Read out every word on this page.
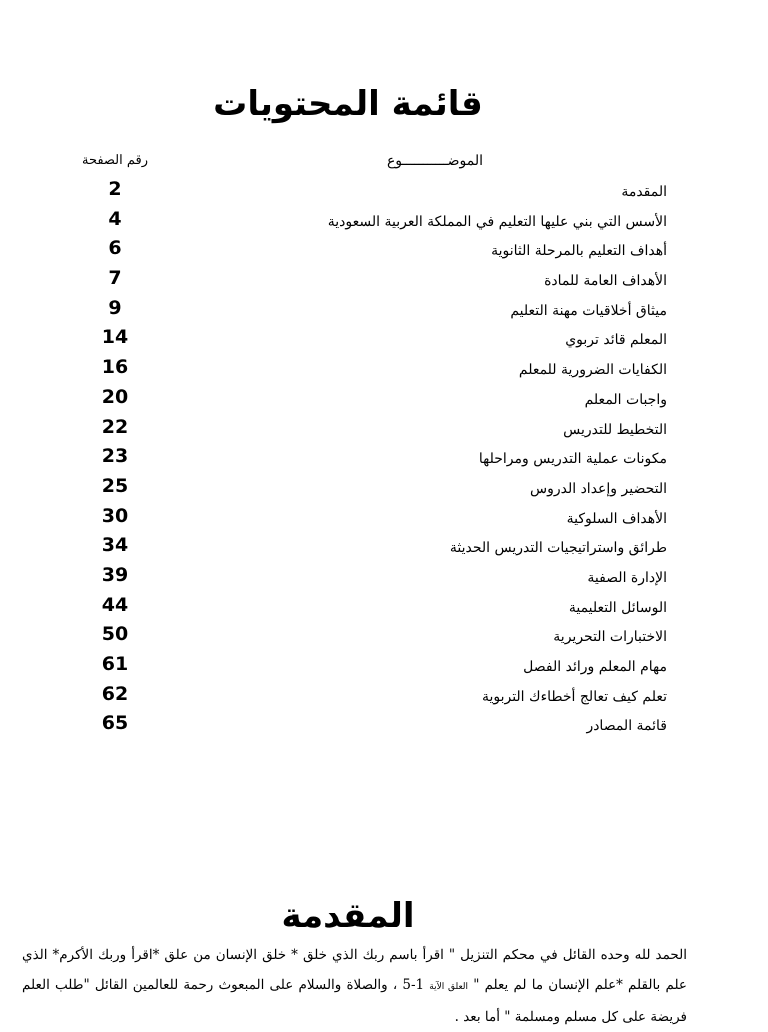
قائمة المحتويات
الموضـــــــــــوع
رقم الصفحة
المقدمة
2
الأسس التي بني عليها التعليم في المملكة العربية السعودية
4
أهداف التعليم بالمرحلة الثانوية
6
الأهداف العامة للمادة
7
ميثاق أخلاقيات مهنة التعليم
9
المعلم قائد تربوي
14
الكفايات الضرورية للمعلم
16
واجبات المعلم
20
التخطيط للتدريس
22
مكونات عملية التدريس ومراحلها
23
التحضير وإعداد الدروس
25
الأهداف السلوكية
30
طرائق واستراتيجيات التدريس الحديثة
34
الإدارة الصفية
39
الوسائل التعليمية
44
الاختبارات التحريرية
50
مهام المعلم ورائد الفصل
61
تعلم كيف تعالج أخطاءك التربوية
62
قائمة المصادر
65
المقدمة

الحمد لله وحده القائل في محكم التنزيل " اقرأ باسم ربك الذي خلق * خلق الإنسان من علق *اقرأ وربك الأكرم* الذي علم بالقلم *علم الإنسان ما لم يعلم " العلق الآية 1-5 ، والصلاة والسلام على المبعوث رحمة للعالمين القائل "طلب العلم فريضة على كل مسلم ومسلمة " أما بعد .
